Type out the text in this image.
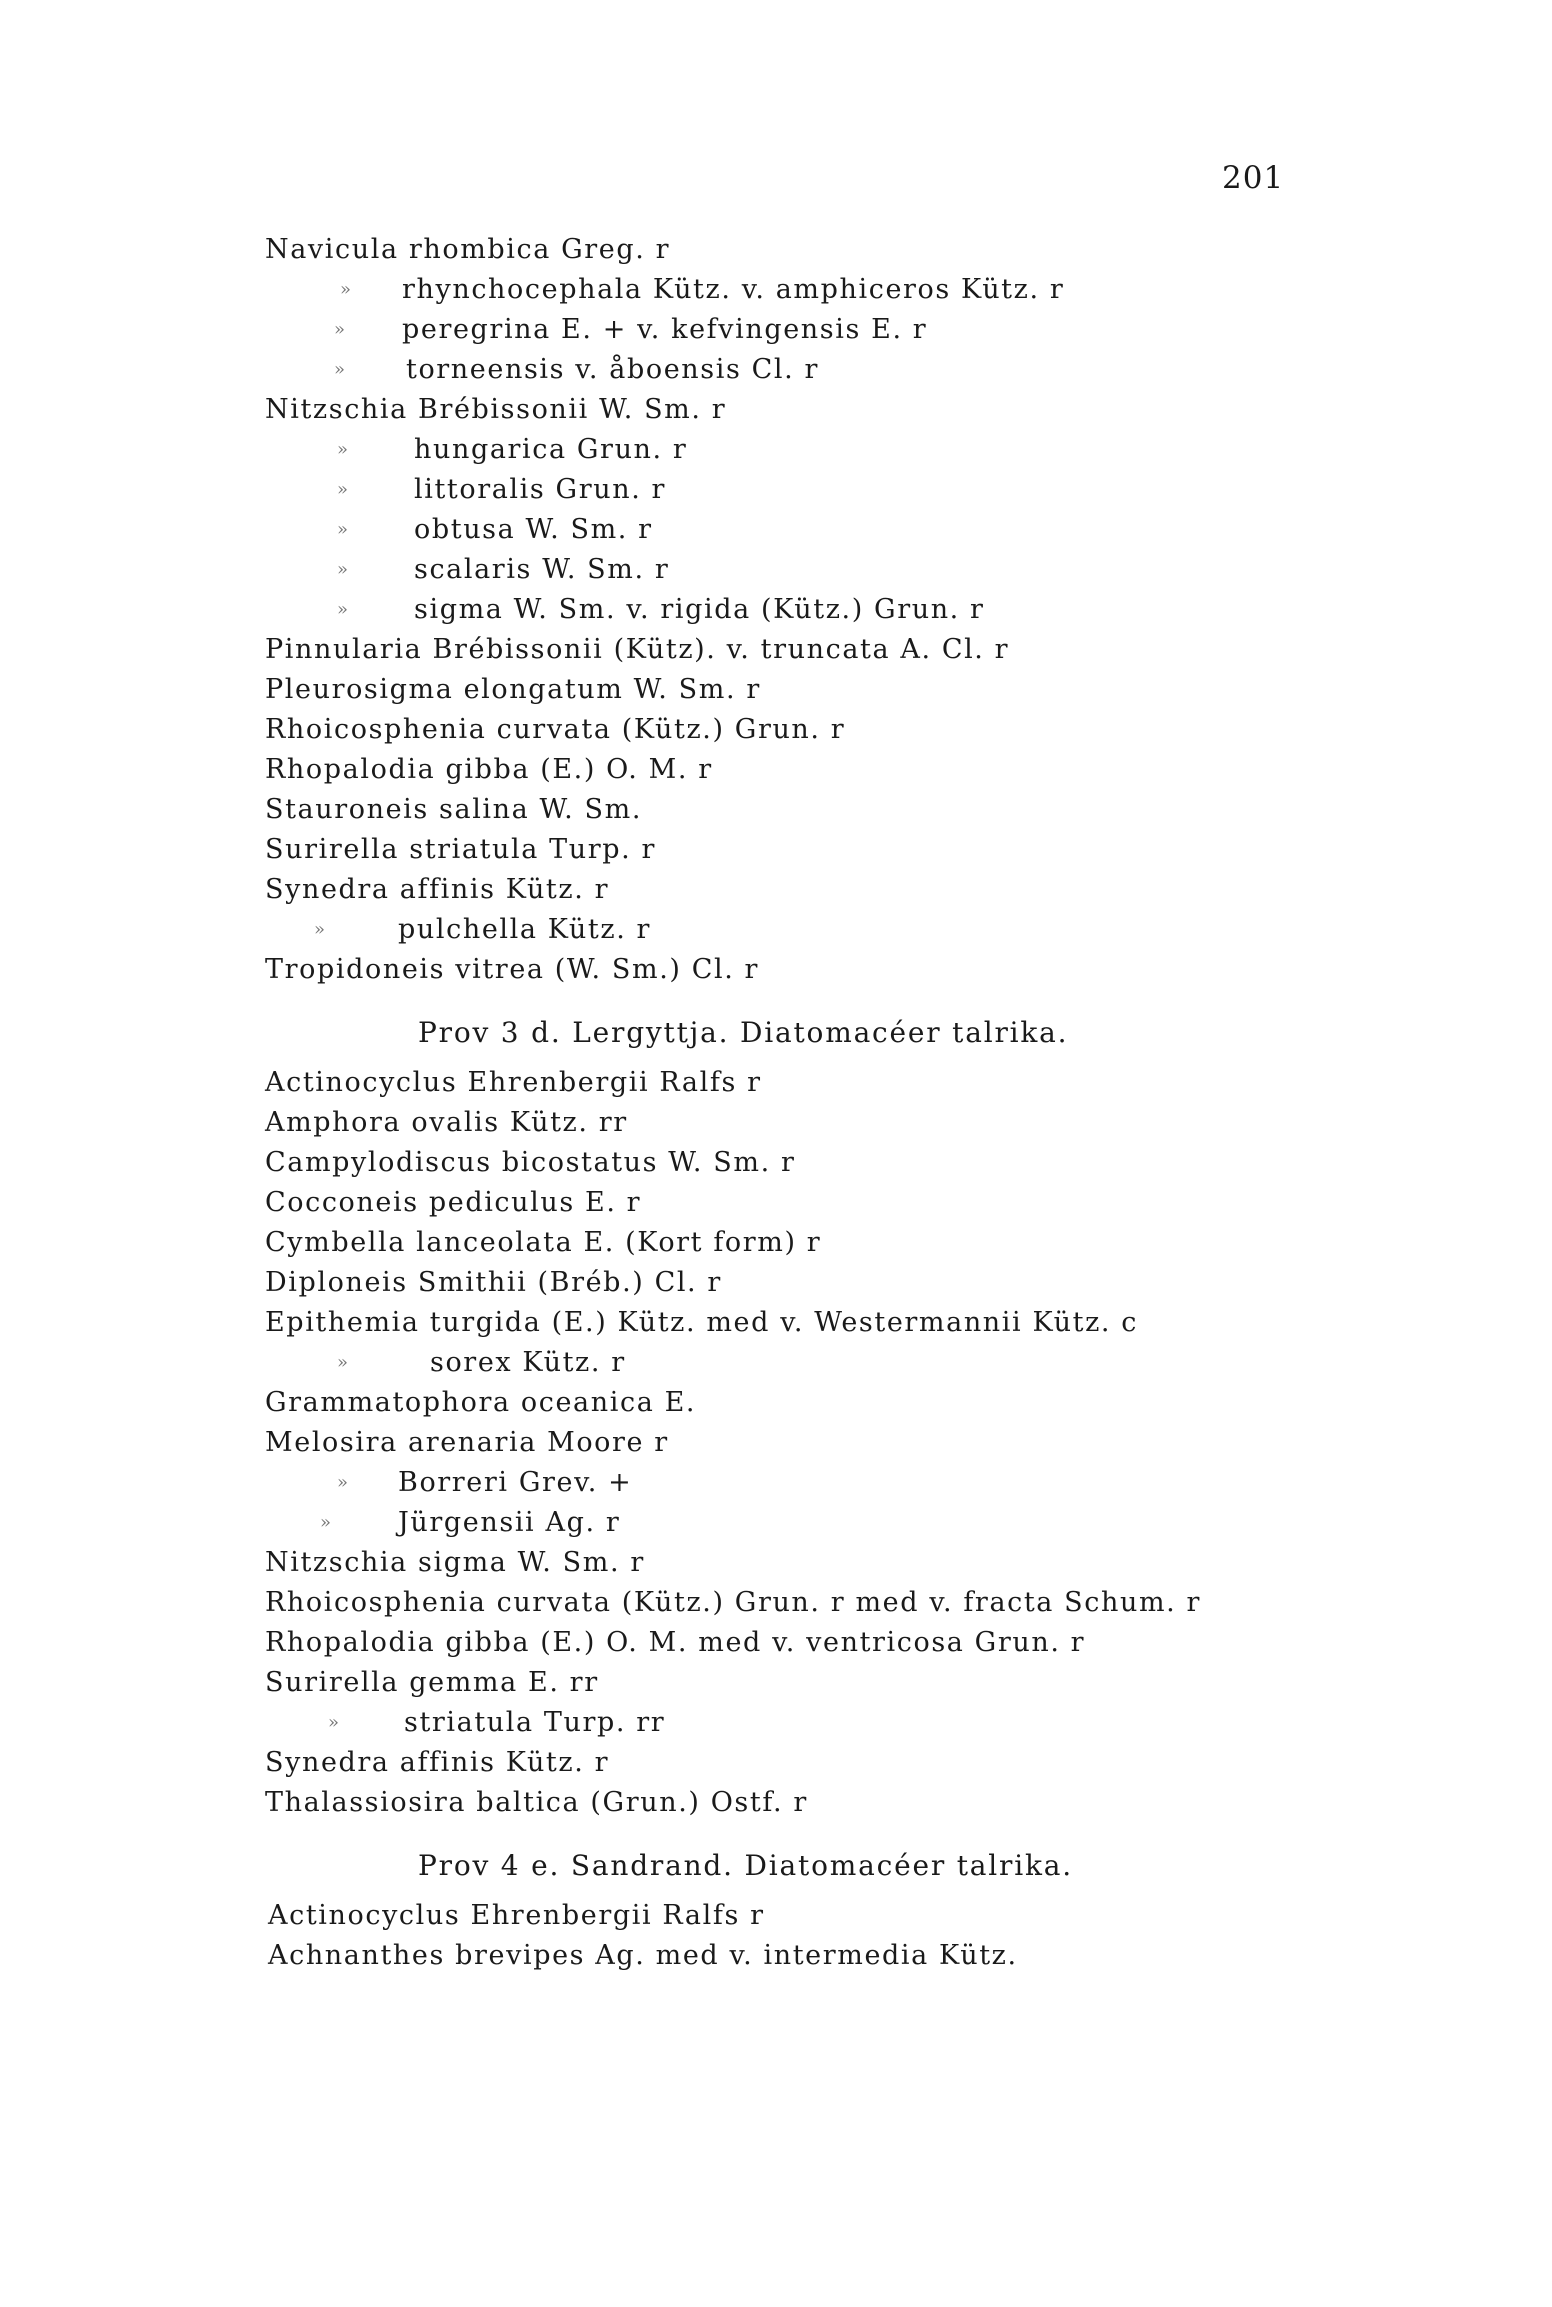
201
Navicula rhombica Greg. r
» rhynchocephala Kütz. v. amphiceros Kütz. r
» peregrina E. + v. kefvingensis E. r
» torneensis v. åboensis Cl. r
Nitzschia Brébissonii W. Sm. r
» hungarica Grun. r
» littoralis Grun. r
» obtusa W. Sm. r
» scalaris W. Sm. r
» sigma W. Sm. v. rigida (Kütz.) Grun. r
Pinnularia Brébissonii (Kütz). v. truncata A. Cl. r
Pleurosigma elongatum W. Sm. r
Rhoicosphenia curvata (Kütz.) Grun. r
Rhopalodia gibba (E.) O. M. r
Stauroneis salina W. Sm.
Surirella striatula Turp. r
Synedra affinis Kütz. r
»	pulchella Kütz. r
Tropidoneis vitrea (W. Sm.) Cl. r
Prov 3 d. Lergyttja. Diatomacéer talrika.
Actinocyclus Ehrenbergii Ralfs r
Amphora ovalis Kütz. rr
Campylodiscus bicostatus W. Sm. r
Cocconeis pediculus E. r
Cymbella lanceolata E. (Kort form) r
Diploneis Smithii (Bréb.) Cl. r
Epithemia turgida (E.) Kütz. med v. Westermannii Kütz. c
»	sorex Kütz. r
Grammatophora oceanica E.
Melosira arenaria Moore r
» Borreri Grev. +
» Jürgensii Ag. r
Nitzschia sigma W. Sm. r
Rhoicosphenia curvata (Kütz.) Grun. r med v. fracta Schum. r
Rhopalodia gibba (E.) O. M. med v. ventricosa Grun. r
Surirella gemma E. rr
» striatula Turp. rr
Synedra affinis Kütz. r
Thalassiosira baltica (Grun.) Ostf. r
Prov 4 e. Sandrand. Diatomacéer talrika.
Actinocyclus Ehrenbergii Ralfs r
Achnanthes brevipes Ag. med v. intermedia Kütz.
